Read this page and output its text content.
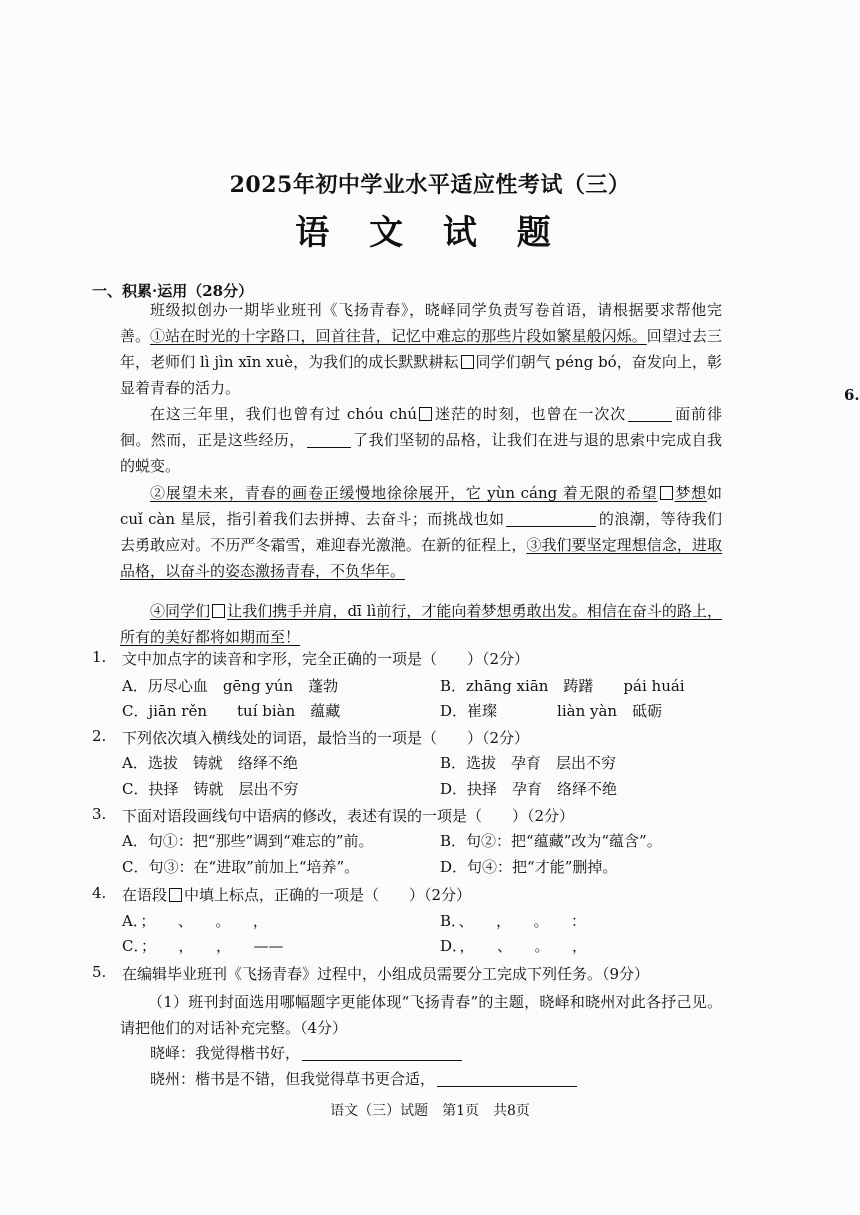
2025年初中学业水平适应性考试（三）
语 文 试 题
一、积累·运用（28分）
6.
班级拟创办一期毕业班刊《飞扬青春》，晓峄同学负责写卷首语，请根据要求帮他完善。 ①站在时光的十字路口，回首往昔，记忆中难忘的那些片段如繁星般闪烁。回望过去三年，老师们 lì jìn xīn xuè，为我们的成长默默耕耘 同学们朝气 péng bó，奋发向上，彰显着青春的活力。
在这三年里，我们也曾有过 chóu chú 迷茫的时刻，也曾在一次次	面前徘徊。然而，正是这些经历，	了我们坚韧的品格，让我们在进与退的思索中完成自我的蜕变。
②展望未来，青春的画卷正缓慢地徐徐展开，它 yùn cáng 着无限的希望 梦想如 cuǐ càn 星辰，指引着我们去拼搏、去奋斗；而挑战也如	的浪潮，等待我们去勇敢应对。不历严冬霜雪，难迎春光激滟。在新的征程上，③我们要坚定理想信念，进取品格，以奋斗的姿态激扬青春，不负华年。
④同学们 让我们携手并肩，dī lì前行，才能向着梦想勇敢出发。相信在奋斗的路上，所有的美好都将如期而至！
1. 文中加点字的读音和字形，完全正确的一项是（　　）（2分）
A．历尽心血　gēng yún　蓬勃	B．zhāng xiān　踌躇　　pái huái
C．jiān rěn　　tuí biàn　蕴藏	D．崔璨　　　　liàn yàn　砥砺
2. 下列依次填入横线处的词语，最恰当的一项是（　　）（2分）
A．选拔　铸就　络绎不绝	B．选拔　孕育　层出不穷
C．抉择　铸就　层出不穷	D．抉择　孕育　络绎不绝
3. 下面对语段画线句中语病的修改，表述有误的一项是（　　）（2分）
A．句①：把“那些”调到“难忘的”前。	B．句②：把“蕴藏”改为“蕴含”。
C．句③：在“进取”前加上“培养”。	D．句④：把“才能”删掉。
4. 在语段 中填上标点，正确的一项是（　　）（2分）
A．；　　、　　。　　，	B．、　　，　　。　　：
C．；　　，　　，　　——	D．，　　、　　。　　，
5. 在编辑毕业班刊《飞扬青春》过程中，小组成员需要分工完成下列任务。（9分）
（1）班刊封面选用哪幅题字更能体现“飞扬青春”的主题，晓峄和晓州对此各抒己见。请把他们的对话补充完整。（4分）
晓峄：我觉得楷书好，
晓州：楷书是不错，但我觉得草书更合适，
语文（三）试题　第1页　共8页
